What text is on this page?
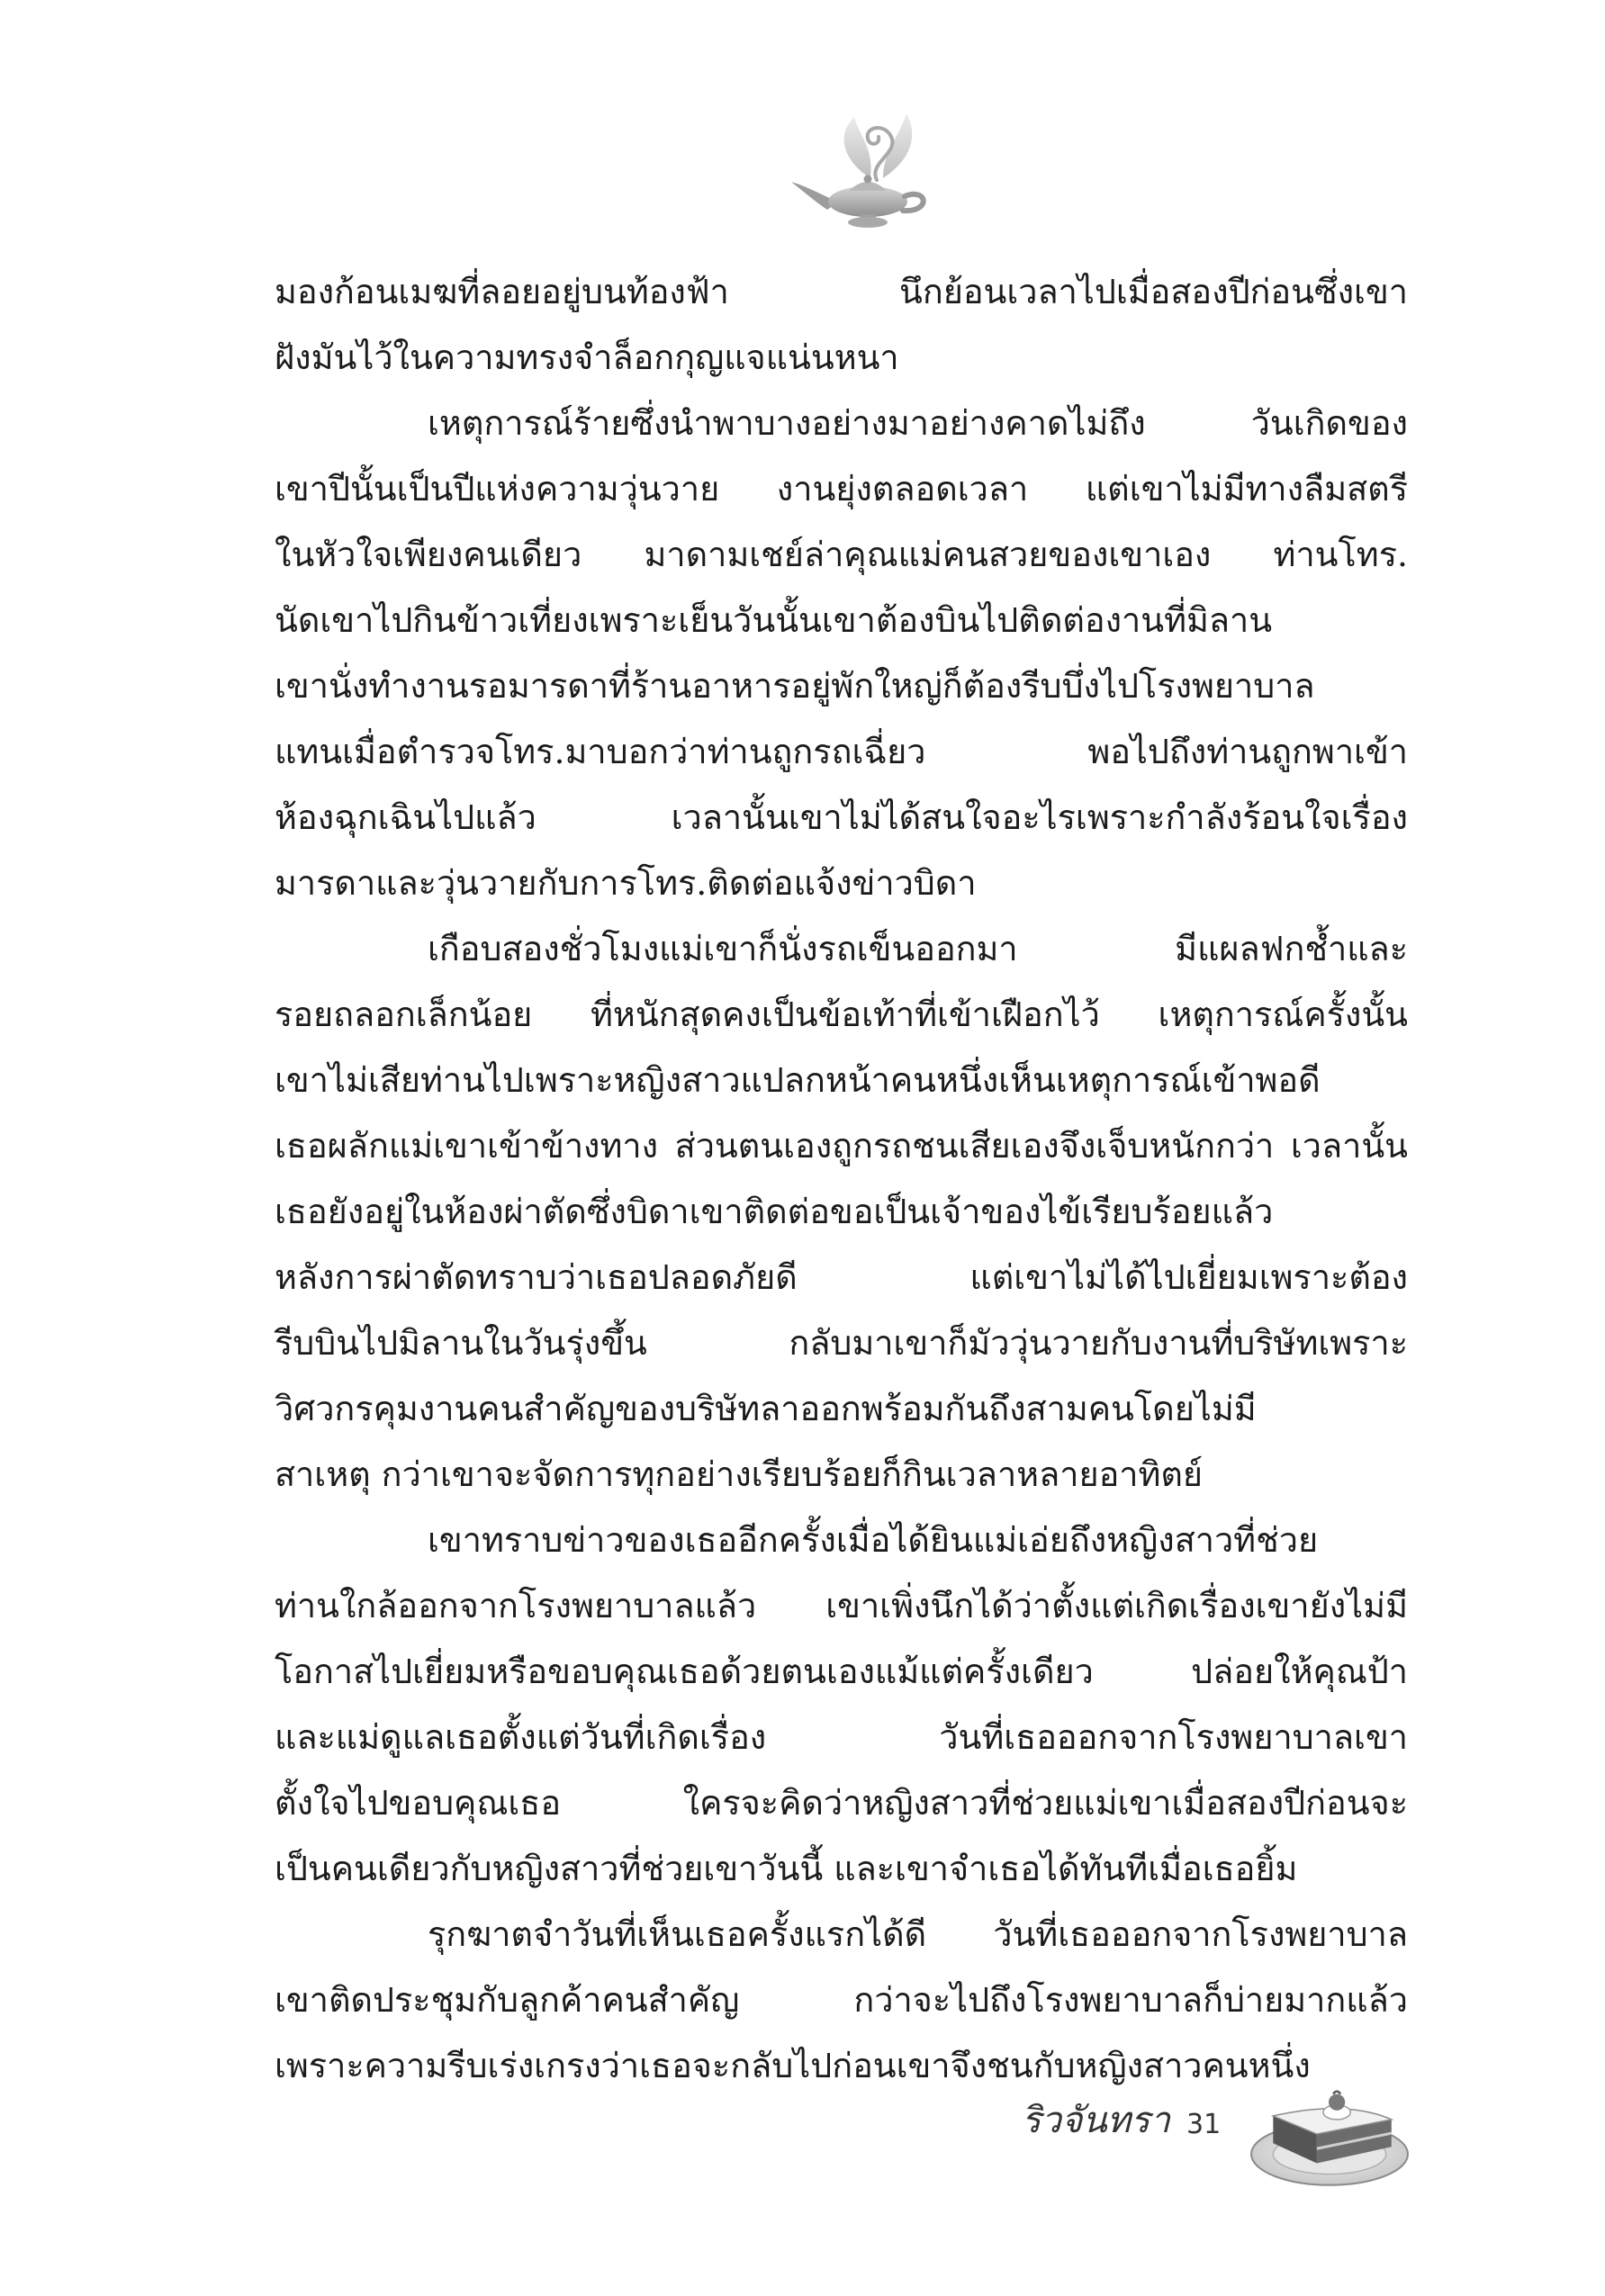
มองก้อนเมฆที่ลอยอยู่บนท้องฟ้า นึกย้อนเวลาไปเมื่อสองปีก่อนซึ่งเขา
ฝังมันไว้ในความทรงจำล็อกกุญแจแน่นหนา
เหตุการณ์ร้ายซึ่งนำพาบางอย่างมาอย่างคาดไม่ถึง วันเกิดของ
เขาปีนั้นเป็นปีแห่งความวุ่นวาย งานยุ่งตลอดเวลา แต่เขาไม่มีทางลืมสตรี
ในหัวใจเพียงคนเดียว มาดามเชย์ล่าคุณแม่คนสวยของเขาเอง ท่านโทร.
นัดเขาไปกินข้าวเที่ยงเพราะเย็นวันนั้นเขาต้องบินไปติดต่องานที่มิลาน
เขานั่งทำงานรอมารดาที่ร้านอาหารอยู่พักใหญ่ก็ต้องรีบบึ่งไปโรงพยาบาล
แทนเมื่อตำรวจโทร.มาบอกว่าท่านถูกรถเฉี่ยว พอไปถึงท่านถูกพาเข้า
ห้องฉุกเฉินไปแล้ว เวลานั้นเขาไม่ได้สนใจอะไรเพราะกำลังร้อนใจเรื่อง
มารดาและวุ่นวายกับการโทร.ติดต่อแจ้งข่าวบิดา
เกือบสองชั่วโมงแม่เขาก็นั่งรถเข็นออกมา มีแผลฟกช้ำและ
รอยถลอกเล็กน้อย ที่หนักสุดคงเป็นข้อเท้าที่เข้าเฝือกไว้ เหตุการณ์ครั้งนั้น
เขาไม่เสียท่านไปเพราะหญิงสาวแปลกหน้าคนหนึ่งเห็นเหตุการณ์เข้าพอดี
เธอผลักแม่เขาเข้าข้างทาง ส่วนตนเองถูกรถชนเสียเองจึงเจ็บหนักกว่า เวลานั้น
เธอยังอยู่ในห้องผ่าตัดซึ่งบิดาเขาติดต่อขอเป็นเจ้าของไข้เรียบร้อยแล้ว
หลังการผ่าตัดทราบว่าเธอปลอดภัยดี แต่เขาไม่ได้ไปเยี่ยมเพราะต้อง
รีบบินไปมิลานในวันรุ่งขึ้น กลับมาเขาก็มัววุ่นวายกับงานที่บริษัทเพราะ
วิศวกรคุมงานคนสำคัญของบริษัทลาออกพร้อมกันถึงสามคนโดยไม่มี
สาเหตุ กว่าเขาจะจัดการทุกอย่างเรียบร้อยก็กินเวลาหลายอาทิตย์
เขาทราบข่าวของเธออีกครั้งเมื่อได้ยินแม่เอ่ยถึงหญิงสาวที่ช่วย
ท่านใกล้ออกจากโรงพยาบาลแล้ว เขาเพิ่งนึกได้ว่าตั้งแต่เกิดเรื่องเขายังไม่มี
โอกาสไปเยี่ยมหรือขอบคุณเธอด้วยตนเองแม้แต่ครั้งเดียว ปล่อยให้คุณป้า
และแม่ดูแลเธอตั้งแต่วันที่เกิดเรื่อง วันที่เธอออกจากโรงพยาบาลเขา
ตั้งใจไปขอบคุณเธอ ใครจะคิดว่าหญิงสาวที่ช่วยแม่เขาเมื่อสองปีก่อนจะ
เป็นคนเดียวกับหญิงสาวที่ช่วยเขาวันนี้ และเขาจำเธอได้ทันทีเมื่อเธอยิ้ม
รุกฆาตจำวันที่เห็นเธอครั้งแรกได้ดี วันที่เธอออกจากโรงพยาบาล
เขาติดประชุมกับลูกค้าคนสำคัญ กว่าจะไปถึงโรงพยาบาลก็บ่ายมากแล้ว
เพราะความรีบเร่งเกรงว่าเธอจะกลับไปก่อนเขาจึงชนกับหญิงสาวคนหนึ่ง
ริวจันทรา 31
